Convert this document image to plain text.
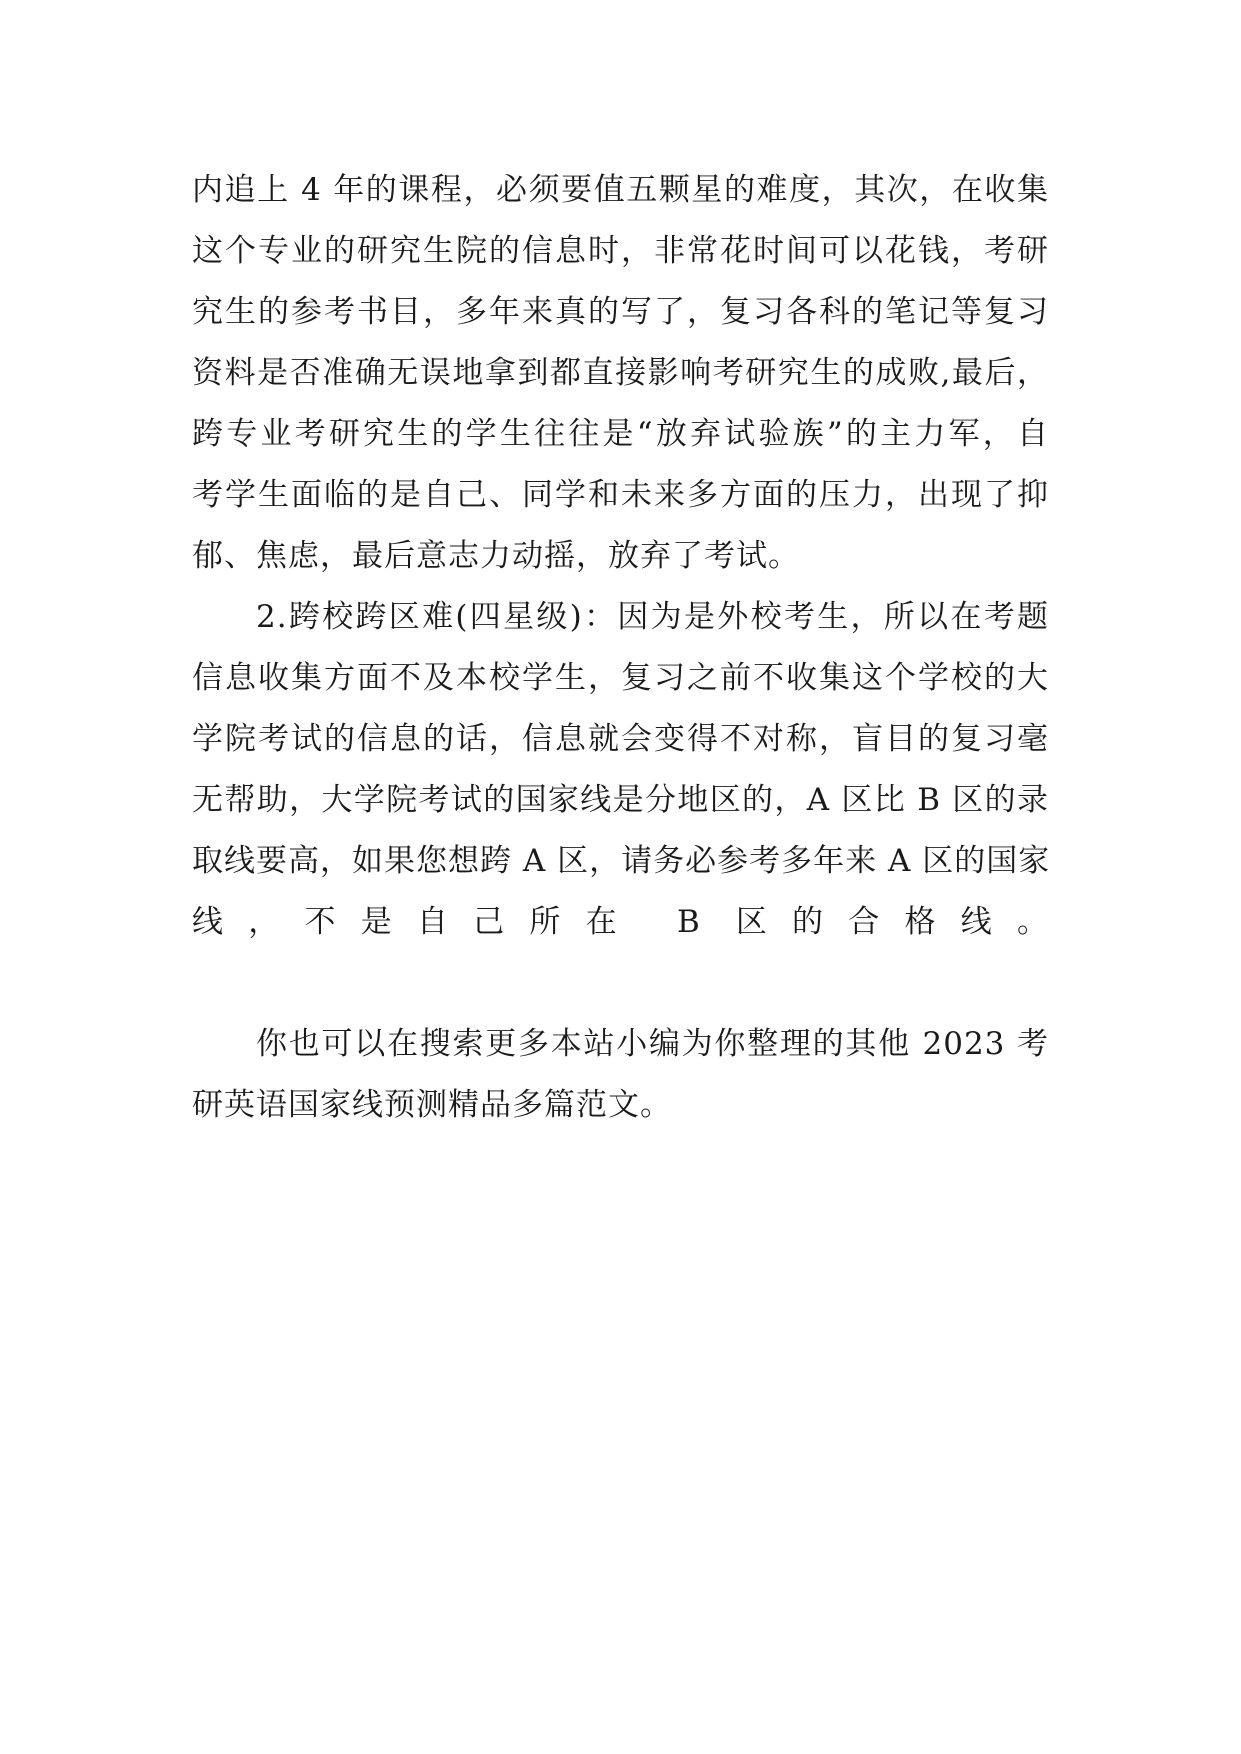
内追上 4 年的课程，必须要值五颗星的难度，其次，在收集
这个专业的研究生院的信息时，非常花时间可以花钱，考研
究生的参考书目，多年来真的写了，复习各科的笔记等复习
资料是否准确无误地拿到都直接影响考研究生的成败,最后，
跨专业考研究生的学生往往是“放弃试验族”的主力军，自
考学生面临的是自己、同学和未来多方面的压力，出现了抑
郁、焦虑，最后意志力动摇，放弃了考试。
2.跨校跨区难(四星级)：因为是外校考生，所以在考题
信息收集方面不及本校学生，复习之前不收集这个学校的大
学院考试的信息的话，信息就会变得不对称，盲目的复习毫
无帮助，大学院考试的国家线是分地区的，A 区比 B 区的录
取线要高，如果您想跨 A 区，请务必参考多年来 A 区的国家
线，不是自己所在 B 区的合格线。
你也可以在搜索更多本站小编为你整理的其他 2023 考
研英语国家线预测精品多篇范文。
